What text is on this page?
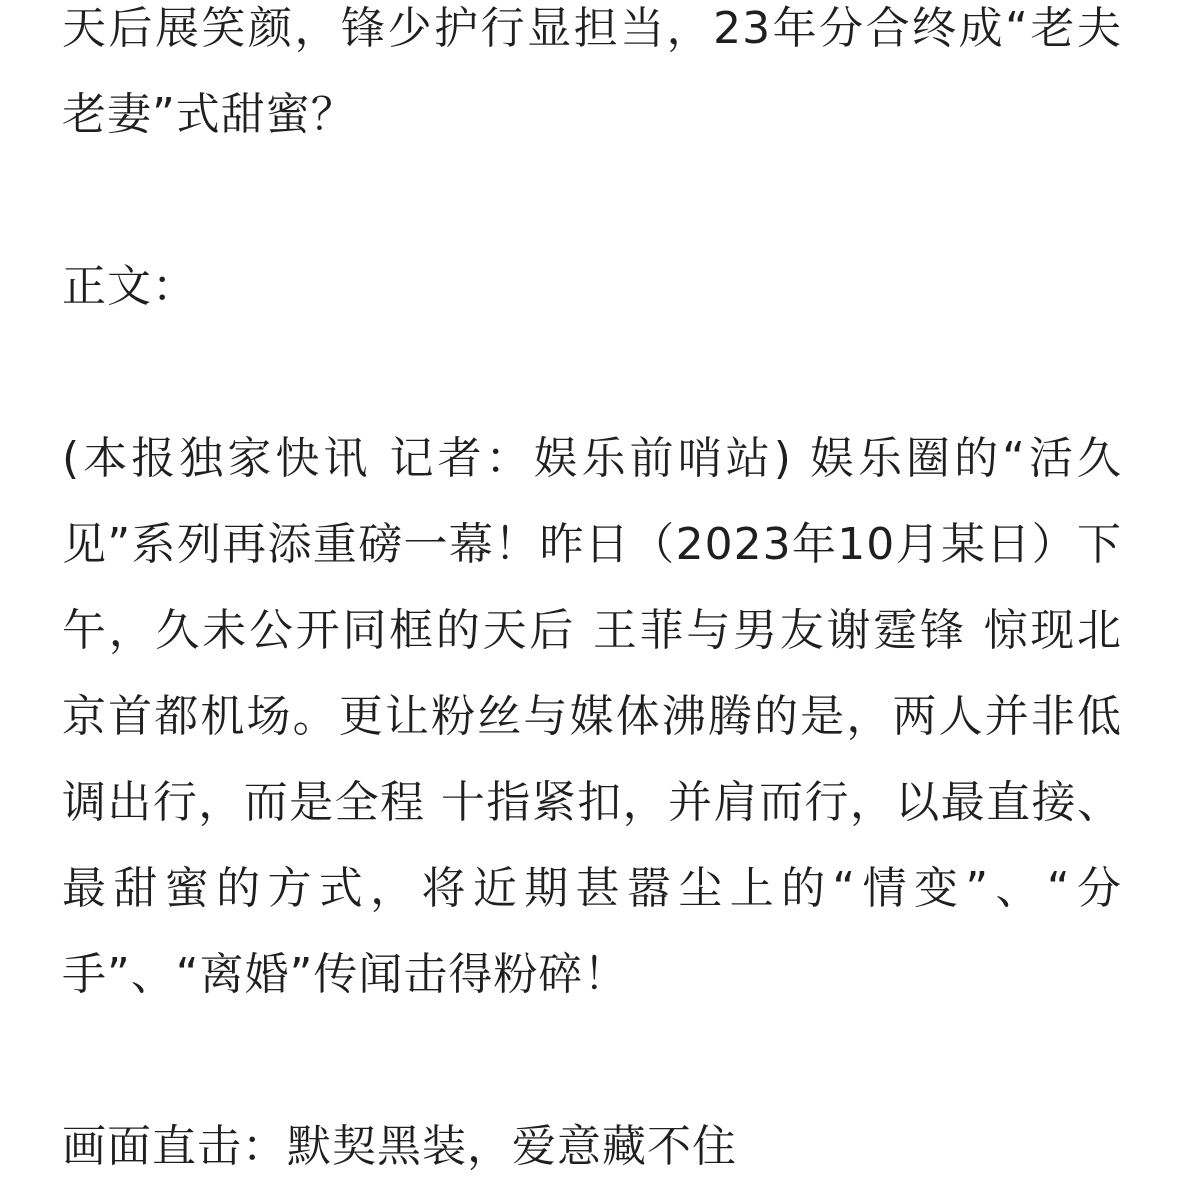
天后展笑颜，锋少护行显担当，23年分合终成“老夫老妻”式甜蜜？

正文：

(本报独家快讯 记者：娱乐前哨站) 娱乐圈的“活久见”系列再添重磅一幕！昨日（2023年10月某日）下午，久未公开同框的天后 王菲与男友谢霆锋 惊现北京首都机场。更让粉丝与媒体沸腾的是，两人并非低调出行，而是全程 十指紧扣，并肩而行，以最直接、最甜蜜的方式，将近期甚嚣尘上的“情变”、“分手”、“离婚”传闻击得粉碎！

画面直击：默契黑装，爱意藏不住
